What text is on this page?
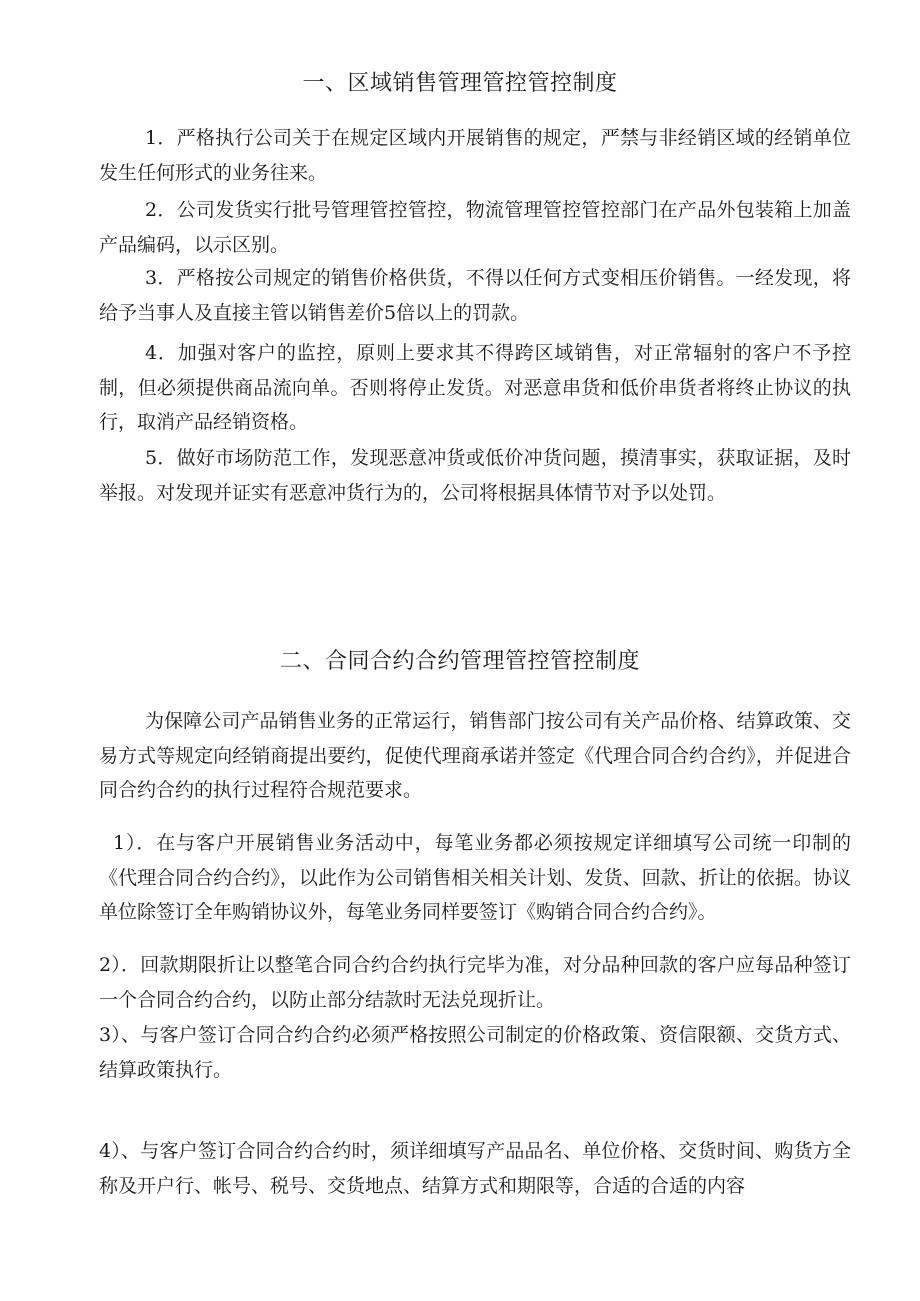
一、区域销售管理管控管控制度
1．严格执行公司关于在规定区域内开展销售的规定，严禁与非经销区域的经销单位发生任何形式的业务往来。
2．公司发货实行批号管理管控管控，物流管理管控管控部门在产品外包装箱上加盖产品编码，以示区别。
3．严格按公司规定的销售价格供货，不得以任何方式变相压价销售。一经发现，将给予当事人及直接主管以销售差价5倍以上的罚款。
4．加强对客户的监控，原则上要求其不得跨区域销售，对正常辐射的客户不予控制，但必须提供商品流向单。否则将停止发货。对恶意串货和低价串货者将终止协议的执行，取消产品经销资格。
5．做好市场防范工作，发现恶意冲货或低价冲货问题，摸清事实，获取证据，及时举报。对发现并证实有恶意冲货行为的，公司将根据具体情节对予以处罚。
二、合同合约合约管理管控管控制度
为保障公司产品销售业务的正常运行，销售部门按公司有关产品价格、结算政策、交易方式等规定向经销商提出要约，促使代理商承诺并签定《代理合同合约合约》，并促进合同合约合约的执行过程符合规范要求。
1）．在与客户开展销售业务活动中，每笔业务都必须按规定详细填写公司统一印制的《代理合同合约合约》，以此作为公司销售相关相关计划、发货、回款、折让的依据。协议单位除签订全年购销协议外，每笔业务同样要签订《购销合同合约合约》。
2）．回款期限折让以整笔合同合约合约执行完毕为准，对分品种回款的客户应每品种签订一个合同合约合约，以防止部分结款时无法兑现折让。
3）、与客户签订合同合约合约必须严格按照公司制定的价格政策、资信限额、交货方式、结算政策执行。
4）、与客户签订合同合约合约时，须详细填写产品品名、单位价格、交货时间、购货方全称及开户行、帐号、税号、交货地点、结算方式和期限等，合适的合适的内容
